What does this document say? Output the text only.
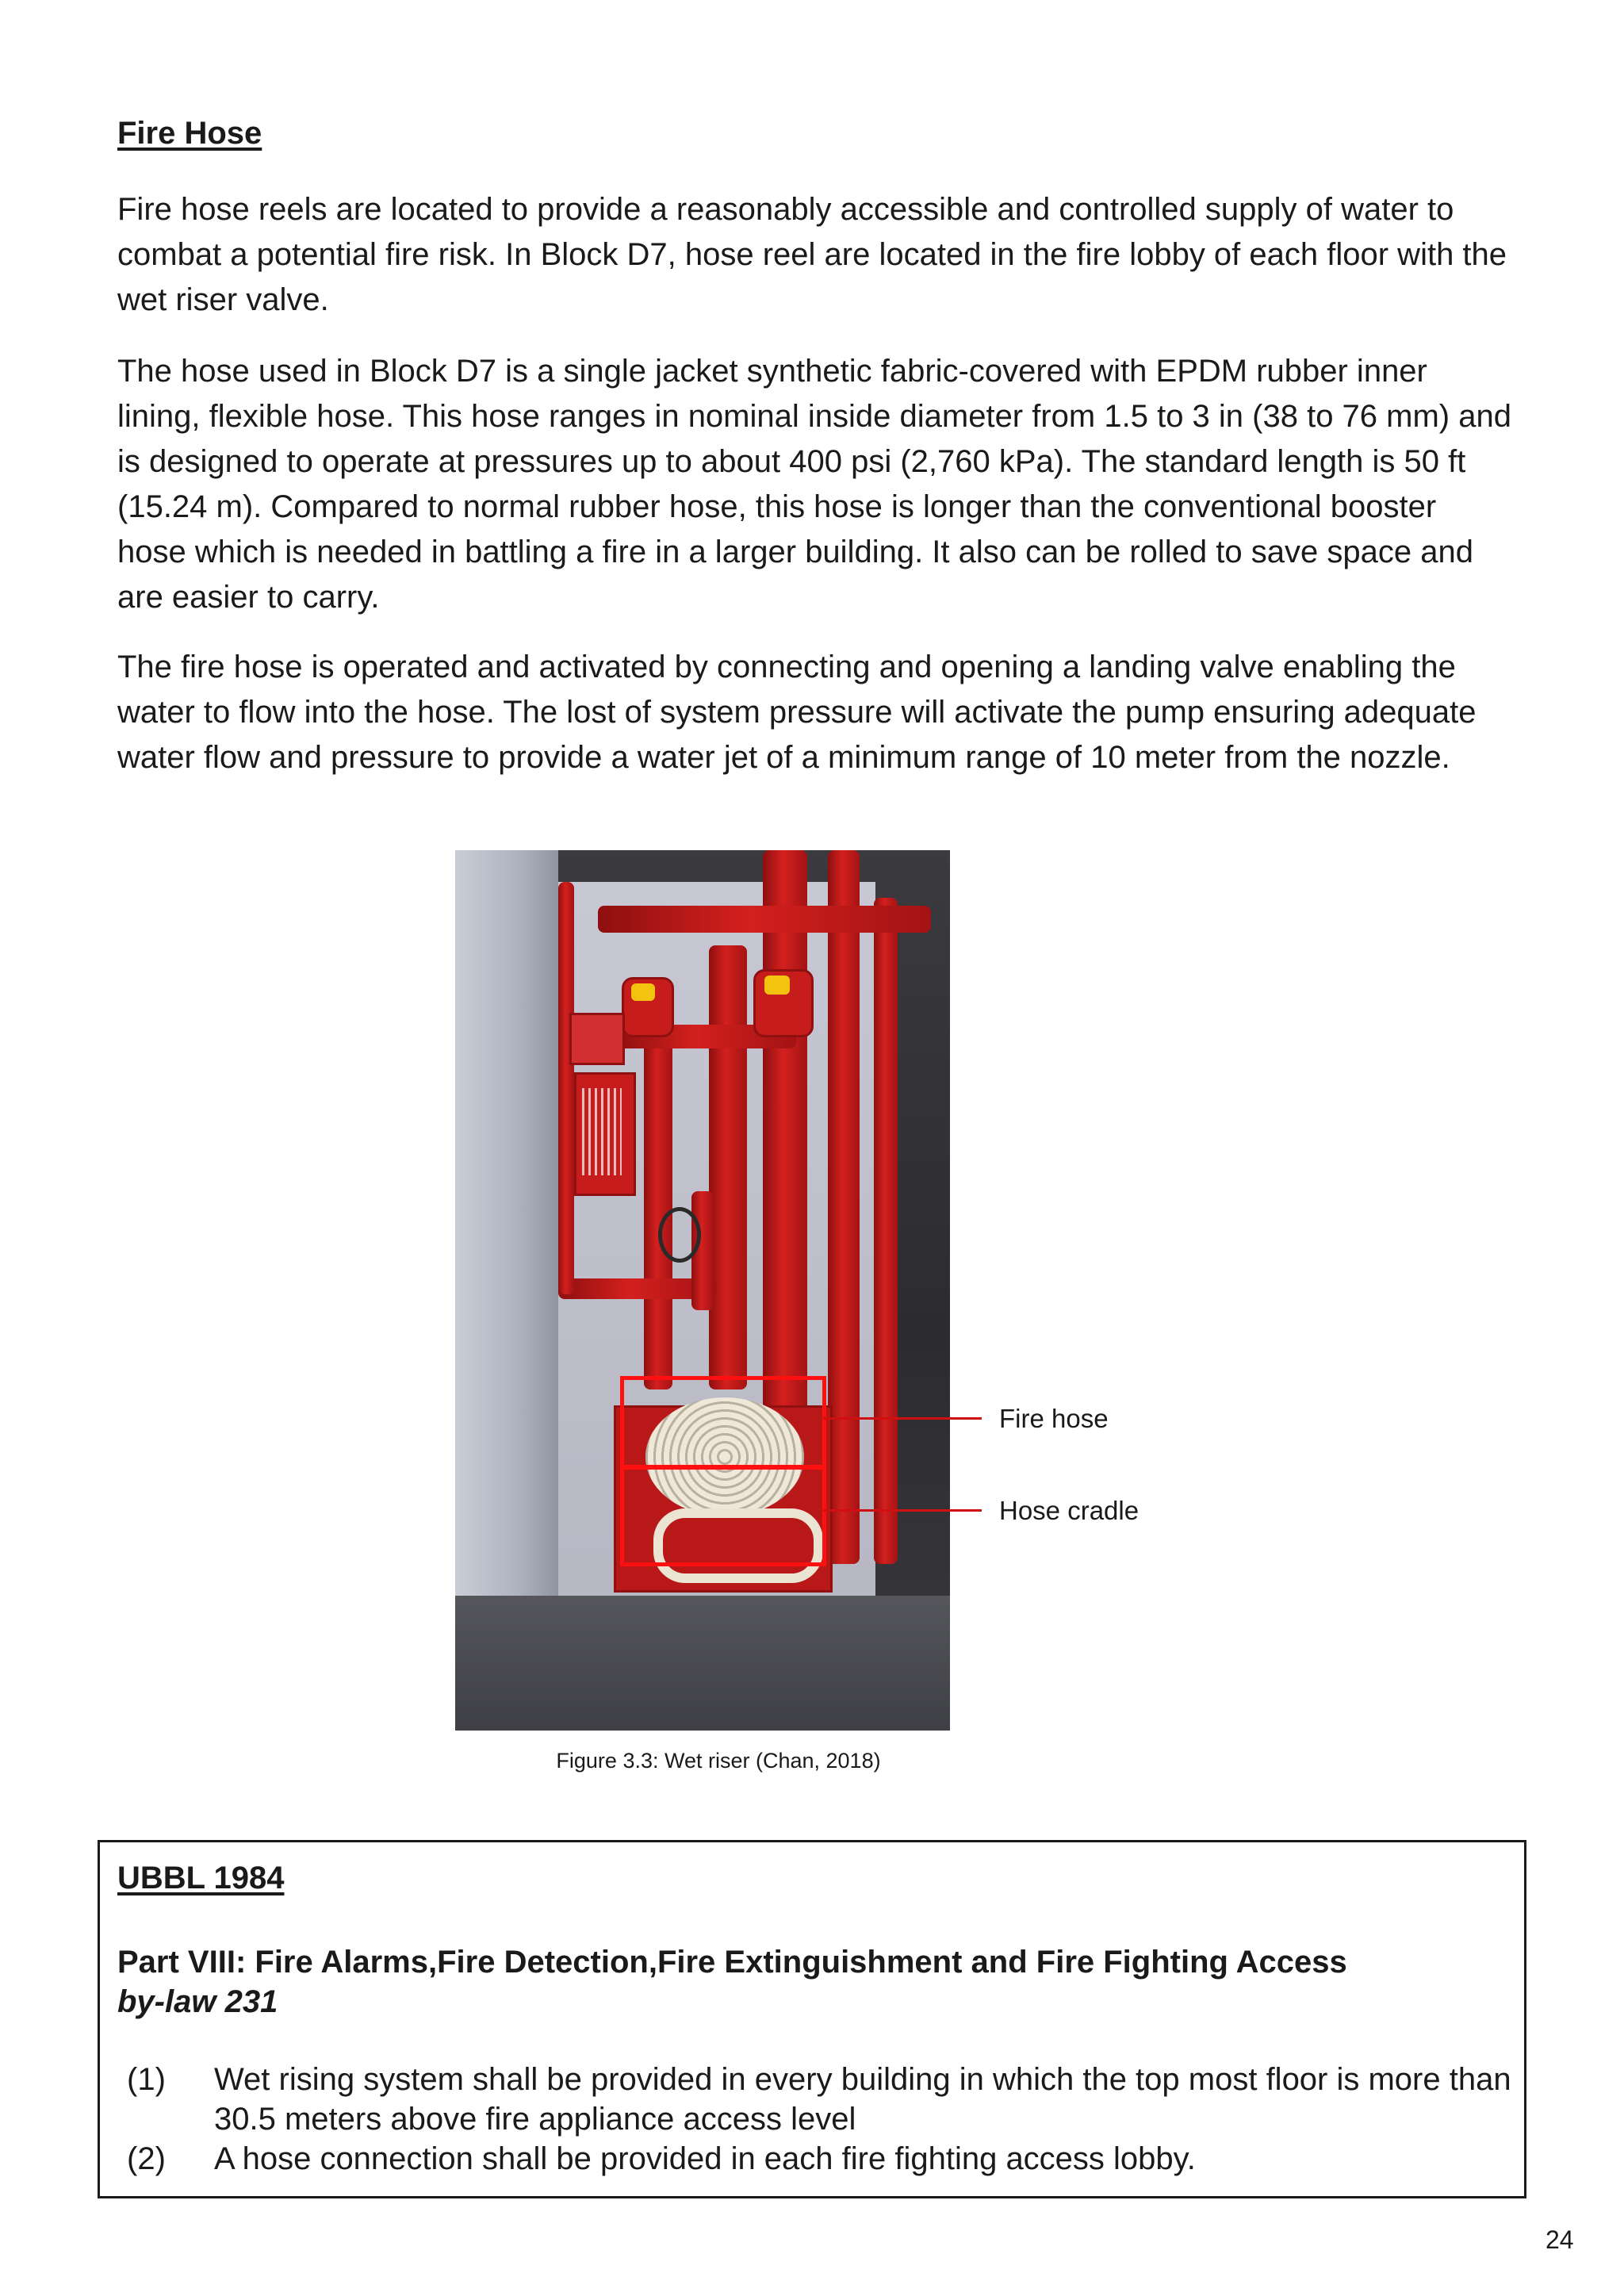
Fire Hose

Fire hose reels are located to provide a reasonably accessible and controlled supply of water to combat a potential fire risk. In Block D7, hose reel are located in the fire lobby of each floor with the wet riser valve.

The hose used in Block D7 is a single jacket synthetic fabric-covered with EPDM rubber inner lining, flexible hose. This hose ranges in nominal inside diameter from 1.5 to 3 in (38 to 76 mm) and is designed to operate at pressures up to about 400 psi (2,760 kPa). The standard length is 50 ft (15.24 m). Compared to normal rubber hose, this hose is longer than the conventional booster hose which is needed in battling a fire in a larger building. It also can be rolled to save space and are easier to carry.

The fire hose is operated and activated by connecting and opening a landing valve enabling the water to flow into the hose. The lost of system pressure will activate the pump ensuring adequate water flow and pressure to provide a water jet of a minimum range of 10 meter from the nozzle.

Fire hose
Hose cradle
Figure 3.3: Wet riser (Chan, 2018)
UBBL 1984
Part VIII: Fire Alarms,Fire Detection,Fire Extinguishment and Fire Fighting Access
by-law 231
(1) Wet rising system shall be provided in every building in which the top most floor is more than 30.5 meters above fire appliance access level
(2) A hose connection shall be provided in each fire fighting access lobby.
24
